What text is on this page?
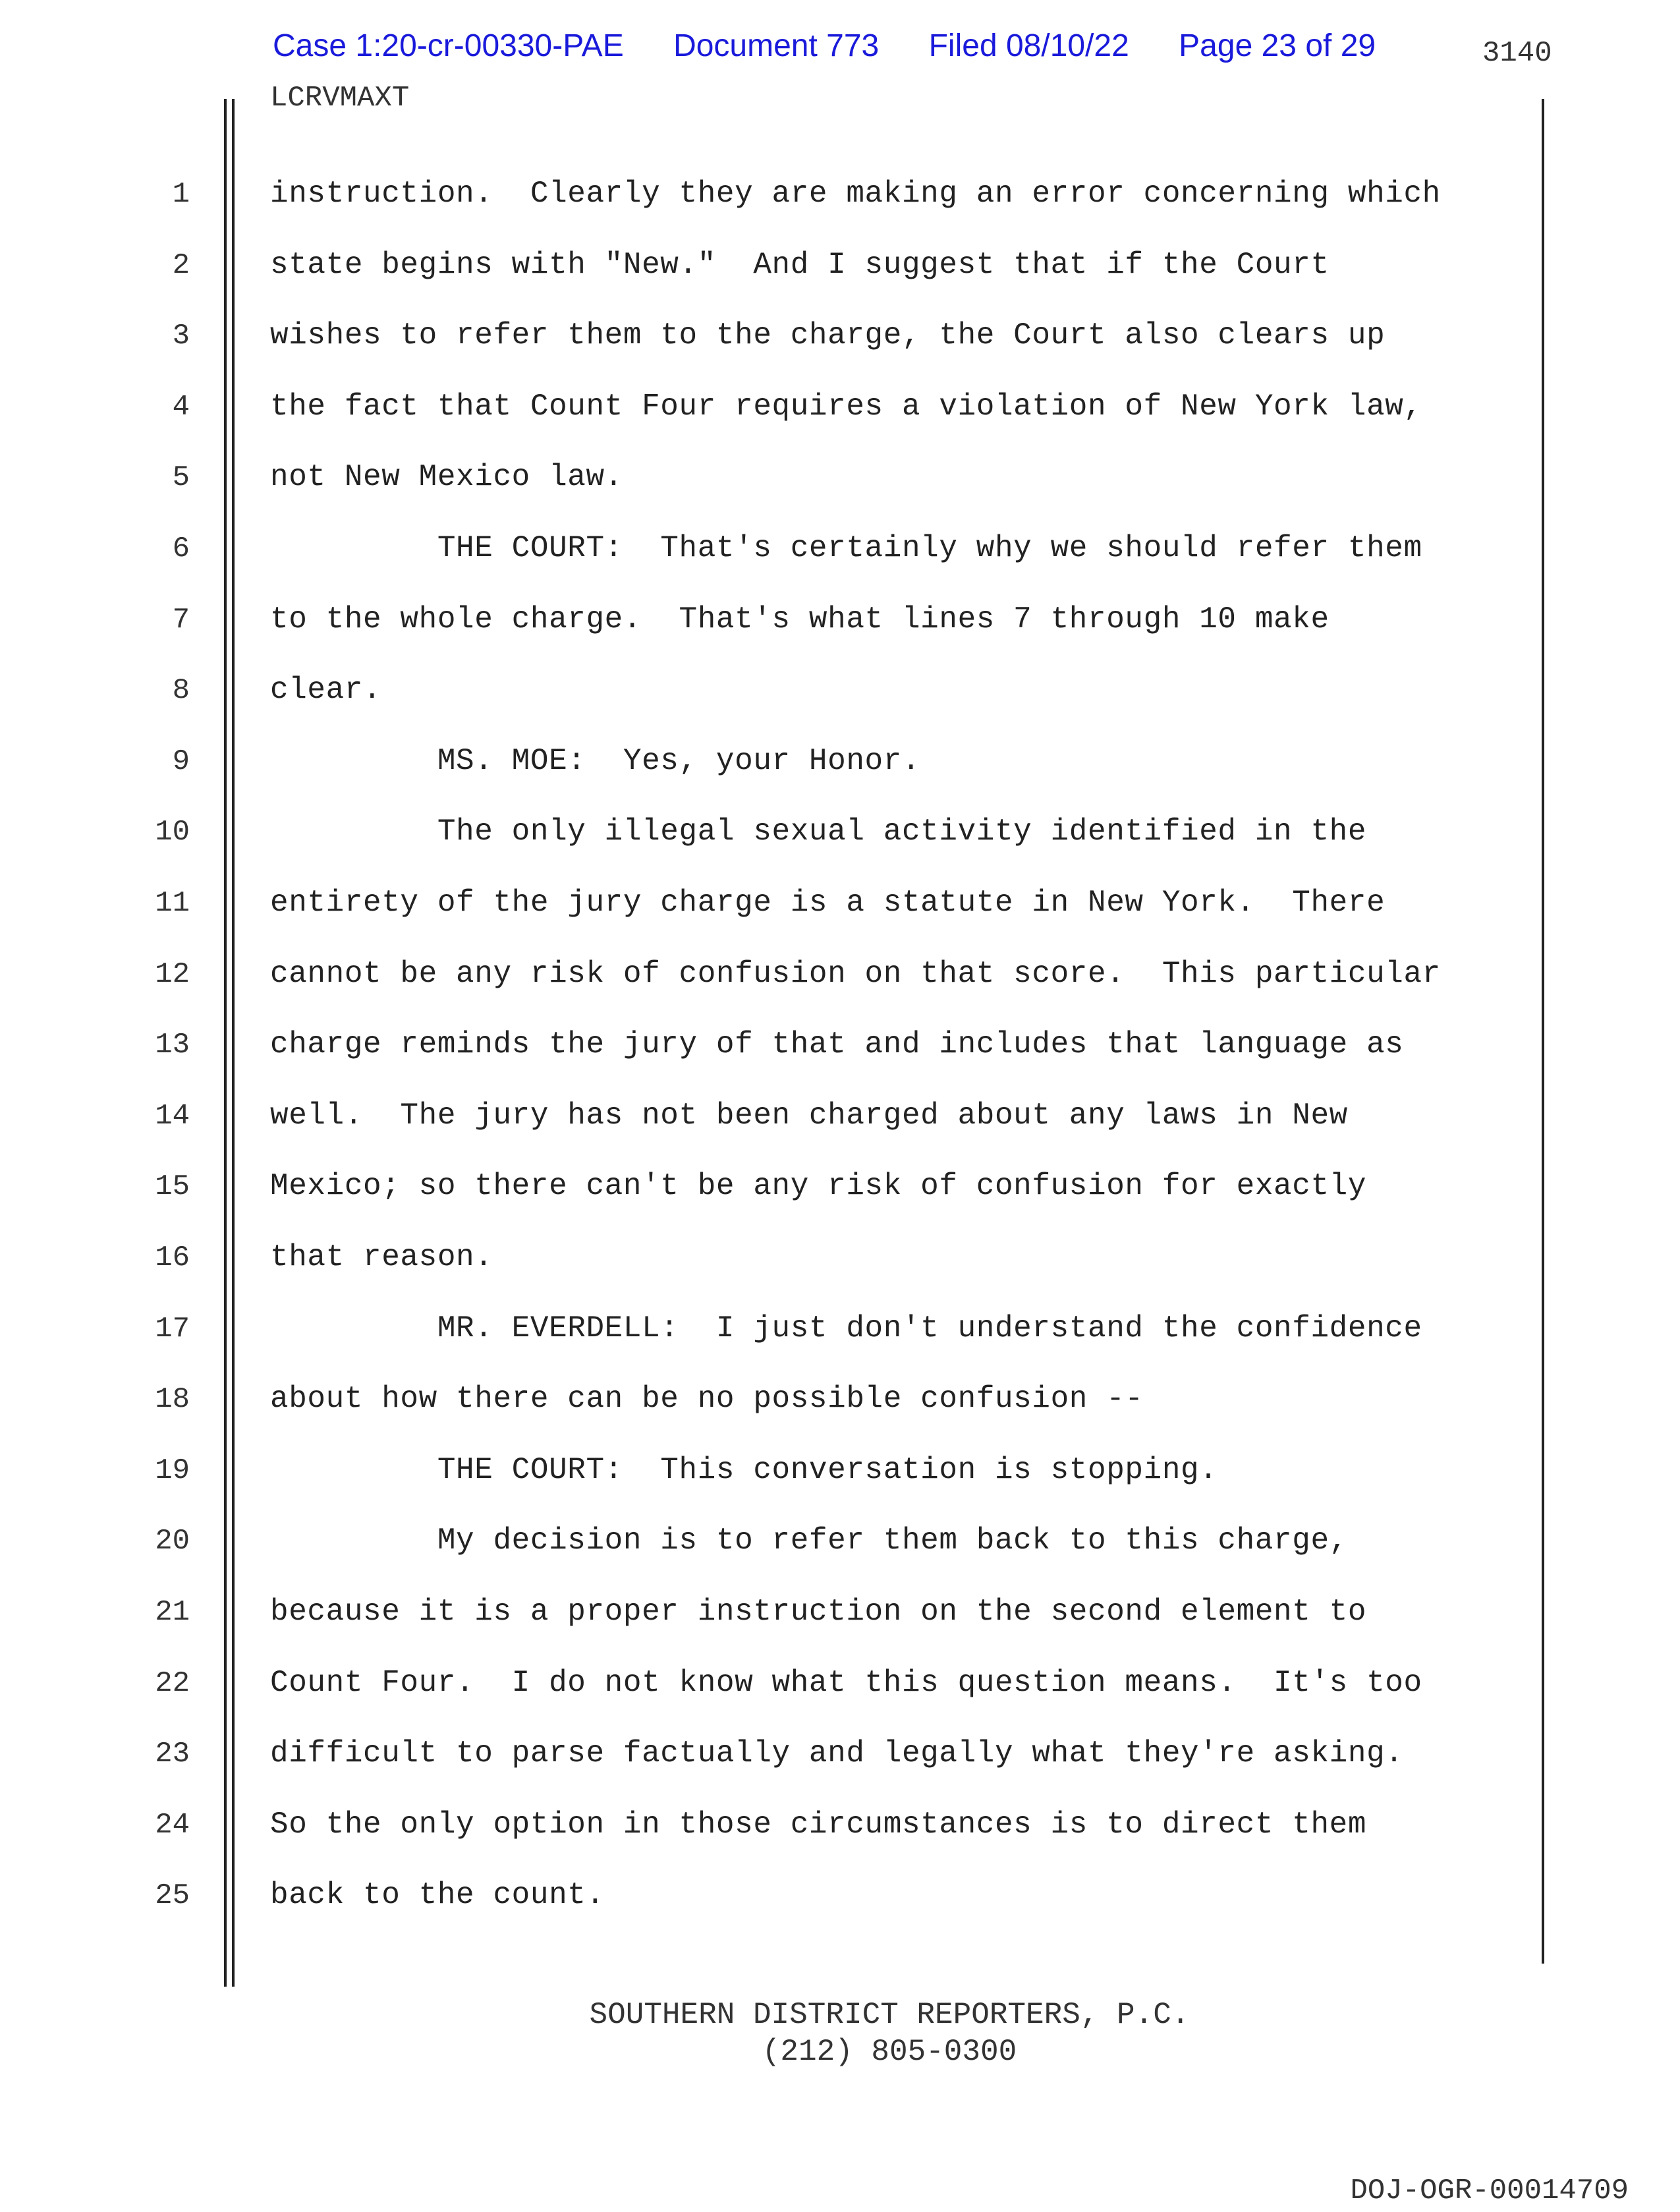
Case 1:20-cr-00330-PAE Document 773 Filed 08/10/22 Page 23 of 29	3140
LCRVMAXT
1	instruction.  Clearly they are making an error concerning which
2	state begins with "New."  And I suggest that if the Court
3	wishes to refer them to the charge, the Court also clears up
4	the fact that Count Four requires a violation of New York law,
5	not New Mexico law.
6	THE COURT:  That's certainly why we should refer them
7	to the whole charge.  That's what lines 7 through 10 make
8	clear.
9	MS. MOE:  Yes, your Honor.
10	The only illegal sexual activity identified in the
11	entirety of the jury charge is a statute in New York.  There
12	cannot be any risk of confusion on that score.  This particular
13	charge reminds the jury of that and includes that language as
14	well.  The jury has not been charged about any laws in New
15	Mexico; so there can't be any risk of confusion for exactly
16	that reason.
17	MR. EVERDELL:  I just don't understand the confidence
18	about how there can be no possible confusion --
19	THE COURT:  This conversation is stopping.
20	My decision is to refer them back to this charge,
21	because it is a proper instruction on the second element to
22	Count Four.  I do not know what this question means.  It's too
23	difficult to parse factually and legally what they're asking.
24	So the only option in those circumstances is to direct them
25	back to the count.
SOUTHERN DISTRICT REPORTERS, P.C.
(212) 805-0300
DOJ-OGR-00014709
